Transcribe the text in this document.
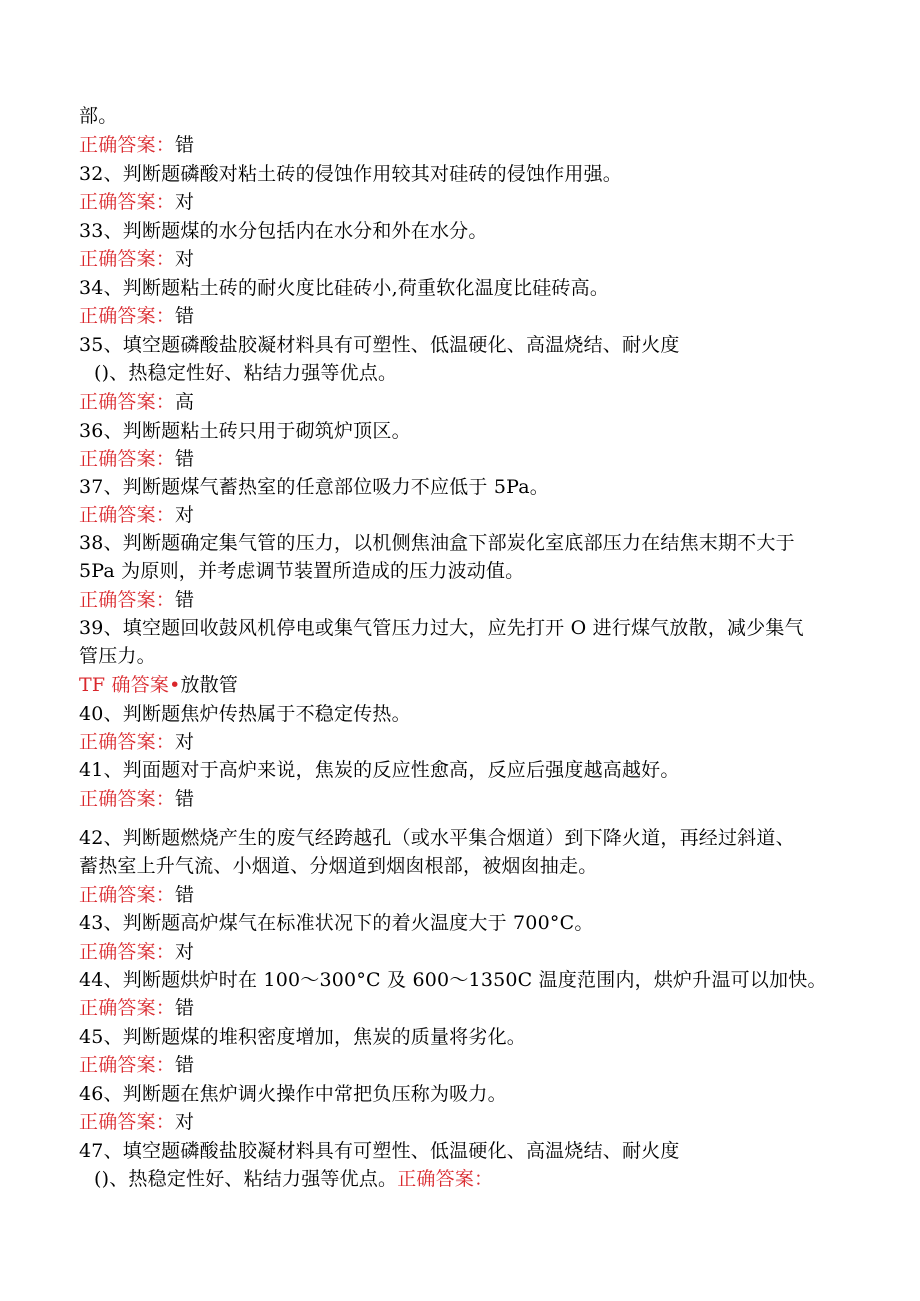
部。
正确答案：错
32、判断题磷酸对粘土砖的侵蚀作用较其对硅砖的侵蚀作用强。
正确答案：对
33、判断题煤的水分包括内在水分和外在水分。
正确答案：对
34、判断题粘土砖的耐火度比硅砖小,荷重软化温度比硅砖高。
正确答案：错
35、填空题磷酸盐胶凝材料具有可塑性、低温硬化、高温烧结、耐火度
()、热稳定性好、粘结力强等优点。
正确答案：高
36、判断题粘土砖只用于砌筑炉顶区。
正确答案：错
37、判断题煤气蓄热室的任意部位吸力不应低于 5Pa。
正确答案：对
38、判断题确定集气管的压力，以机侧焦油盒下部炭化室底部压力在结焦末期不大于
5Pa 为原则，并考虑调节装置所造成的压力波动值。
正确答案：错
39、填空题回收鼓风机停电或集气管压力过大，应先打开 O 进行煤气放散，减少集气
管压力。
TF 确答案•放散管
40、判断题焦炉传热属于不稳定传热。
正确答案：对
41、判面题对于高炉来说，焦炭的反应性愈高，反应后强度越高越好。
正确答案：错
42、判断题燃烧产生的废气经跨越孔（或水平集合烟道）到下降火道，再经过斜道、
蓄热室上升气流、小烟道、分烟道到烟囱根部，被烟囱抽走。
正确答案：错
43、判断题高炉煤气在标准状况下的着火温度大于 700°C。
正确答案：对
44、判断题烘炉时在 100～300°C 及 600～1350C 温度范围内，烘炉升温可以加快。
正确答案：错
45、判断题煤的堆积密度增加，焦炭的质量将劣化。
正确答案：错
46、判断题在焦炉调火操作中常把负压称为吸力。
正确答案：对
47、填空题磷酸盐胶凝材料具有可塑性、低温硬化、高温烧结、耐火度
()、热稳定性好、粘结力强等优点。正确答案：
